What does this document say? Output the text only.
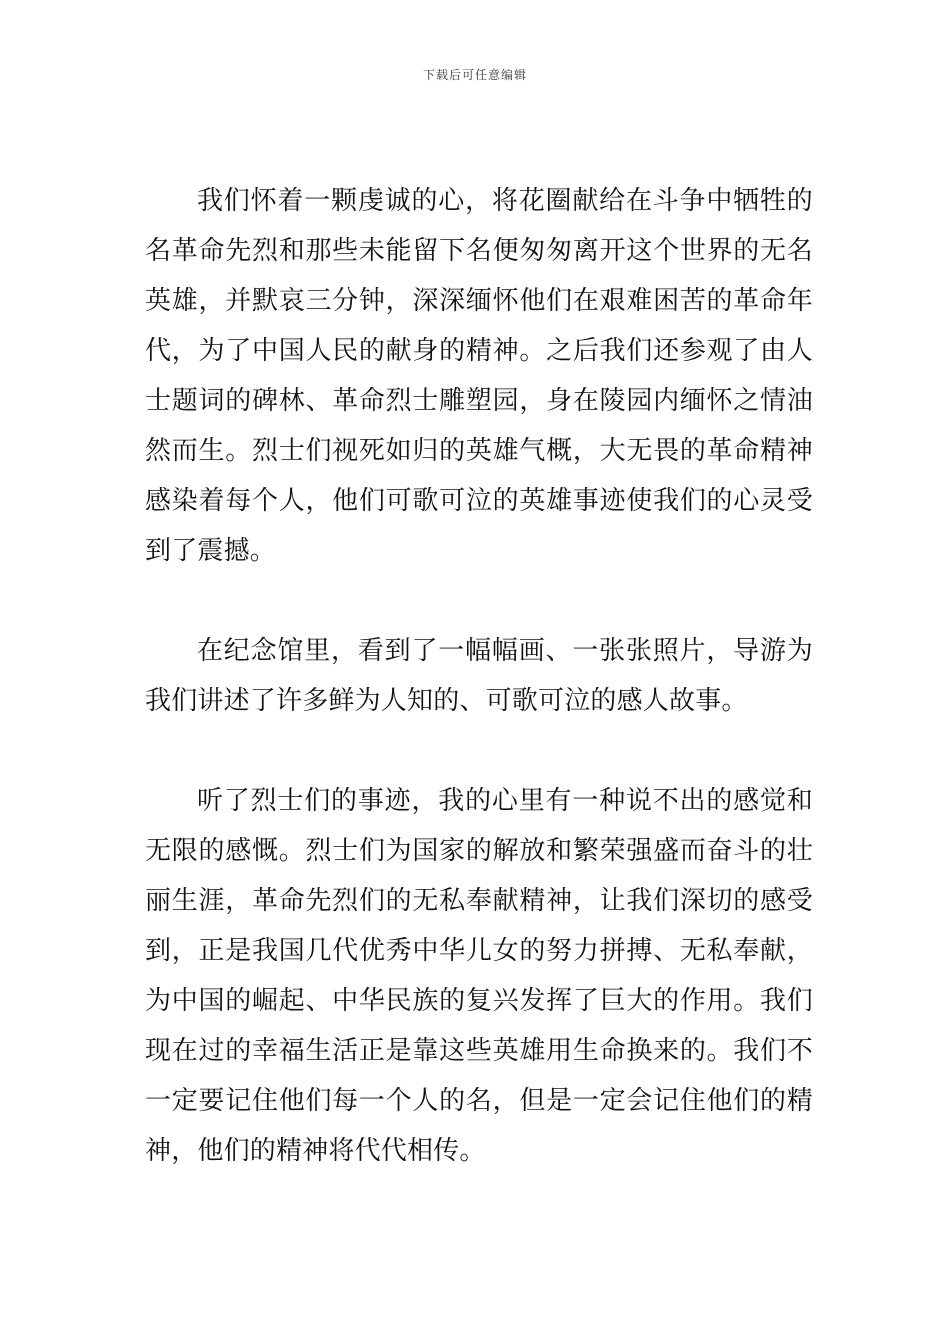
下载后可任意编辑

我们怀着一颗虔诚的心，将花圈献给在斗争中牺牲的名革命先烈和那些未能留下名便匆匆离开这个世界的无名英雄，并默哀三分钟，深深缅怀他们在艰难困苦的革命年代，为了中国人民的献身的精神。之后我们还参观了由人士题词的碑林、革命烈士雕塑园，身在陵园内缅怀之情油然而生。烈士们视死如归的英雄气概，大无畏的革命精神感染着每个人，他们可歌可泣的英雄事迹使我们的心灵受到了震撼。

在纪念馆里，看到了一幅幅画、一张张照片，导游为我们讲述了许多鲜为人知的、可歌可泣的感人故事。

听了烈士们的事迹，我的心里有一种说不出的感觉和无限的感慨。烈士们为国家的解放和繁荣强盛而奋斗的壮丽生涯，革命先烈们的无私奉献精神，让我们深切的感受到，正是我国几代优秀中华儿女的努力拼搏、无私奉献，为中国的崛起、中华民族的复兴发挥了巨大的作用。我们现在过的幸福生活正是靠这些英雄用生命换来的。我们不一定要记住他们每一个人的名，但是一定会记住他们的精神，他们的精神将代代相传。
